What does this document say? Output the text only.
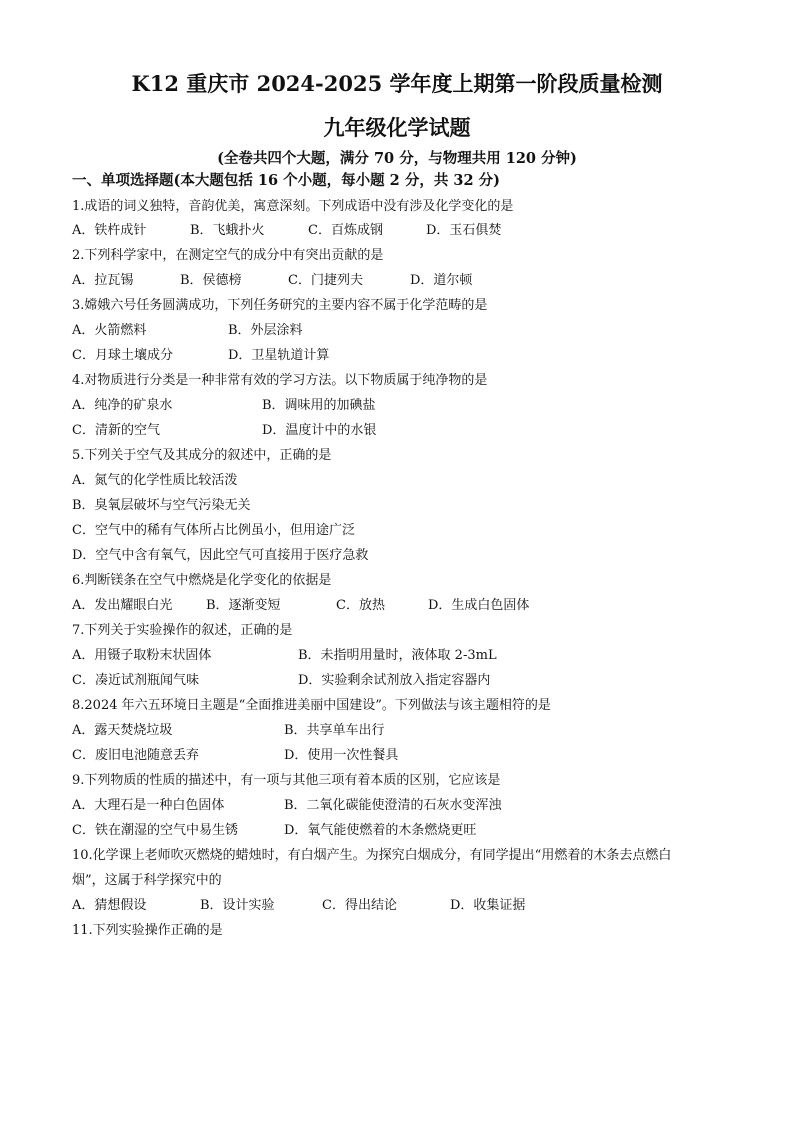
K12 重庆市 2024-2025 学年度上期第一阶段质量检测
九年级化学试题
(全卷共四个大题，满分 70 分，与物理共用 120 分钟)
一、单项选择题(本大题包括 16 个小题，每小题 2 分，共 32 分)
1.成语的词义独特，音韵优美，寓意深刻。下列成语中没有涉及化学变化的是
A．铁杵成针	B．飞蛾扑火	C．百炼成钢	D．玉石俱焚
2.下列科学家中，在测定空气的成分中有突出贡献的是
A．拉瓦锡	B．侯德榜	C．门捷列夫	D．道尔顿
3.嫦娥六号任务圆满成功，下列任务研究的主要内容不属于化学范畴的是
A．火箭燃料	B．外层涂料
C．月球土壤成分	D．卫星轨道计算
4.对物质进行分类是一种非常有效的学习方法。以下物质属于纯净物的是
A．纯净的矿泉水	B．调味用的加碘盐
C．清新的空气	D．温度计中的水银
5.下列关于空气及其成分的叙述中，正确的是
A．氮气的化学性质比较活泼
B．臭氧层破坏与空气污染无关
C．空气中的稀有气体所占比例虽小，但用途广泛
D．空气中含有氧气，因此空气可直接用于医疗急救
6.判断镁条在空气中燃烧是化学变化的依据是
A．发出耀眼白光	B．逐渐变短	C．放热	D．生成白色固体
7.下列关于实验操作的叙述，正确的是
A．用镊子取粉末状固体	B．未指明用量时，液体取 2-3mL
C．凑近试剂瓶闻气味	D．实验剩余试剂放入指定容器内
8.2024 年六五环境日主题是“全面推进美丽中国建设”。下列做法与该主题相符的是
A．露天焚烧垃圾	B．共享单车出行
C．废旧电池随意丢弃	D．使用一次性餐具
9.下列物质的性质的描述中，有一项与其他三项有着本质的区别，它应该是
A．大理石是一种白色固体	B．二氧化碳能使澄清的石灰水变浑浊
C．铁在潮湿的空气中易生锈	D．氧气能使燃着的木条燃烧更旺
10.化学课上老师吹灭燃烧的蜡烛时，有白烟产生。为探究白烟成分，有同学提出“用燃着的木条去点燃白
烟”，这属于科学探究中的
A．猜想假设	B．设计实验	C．得出结论	D．收集证据
11.下列实验操作正确的是
